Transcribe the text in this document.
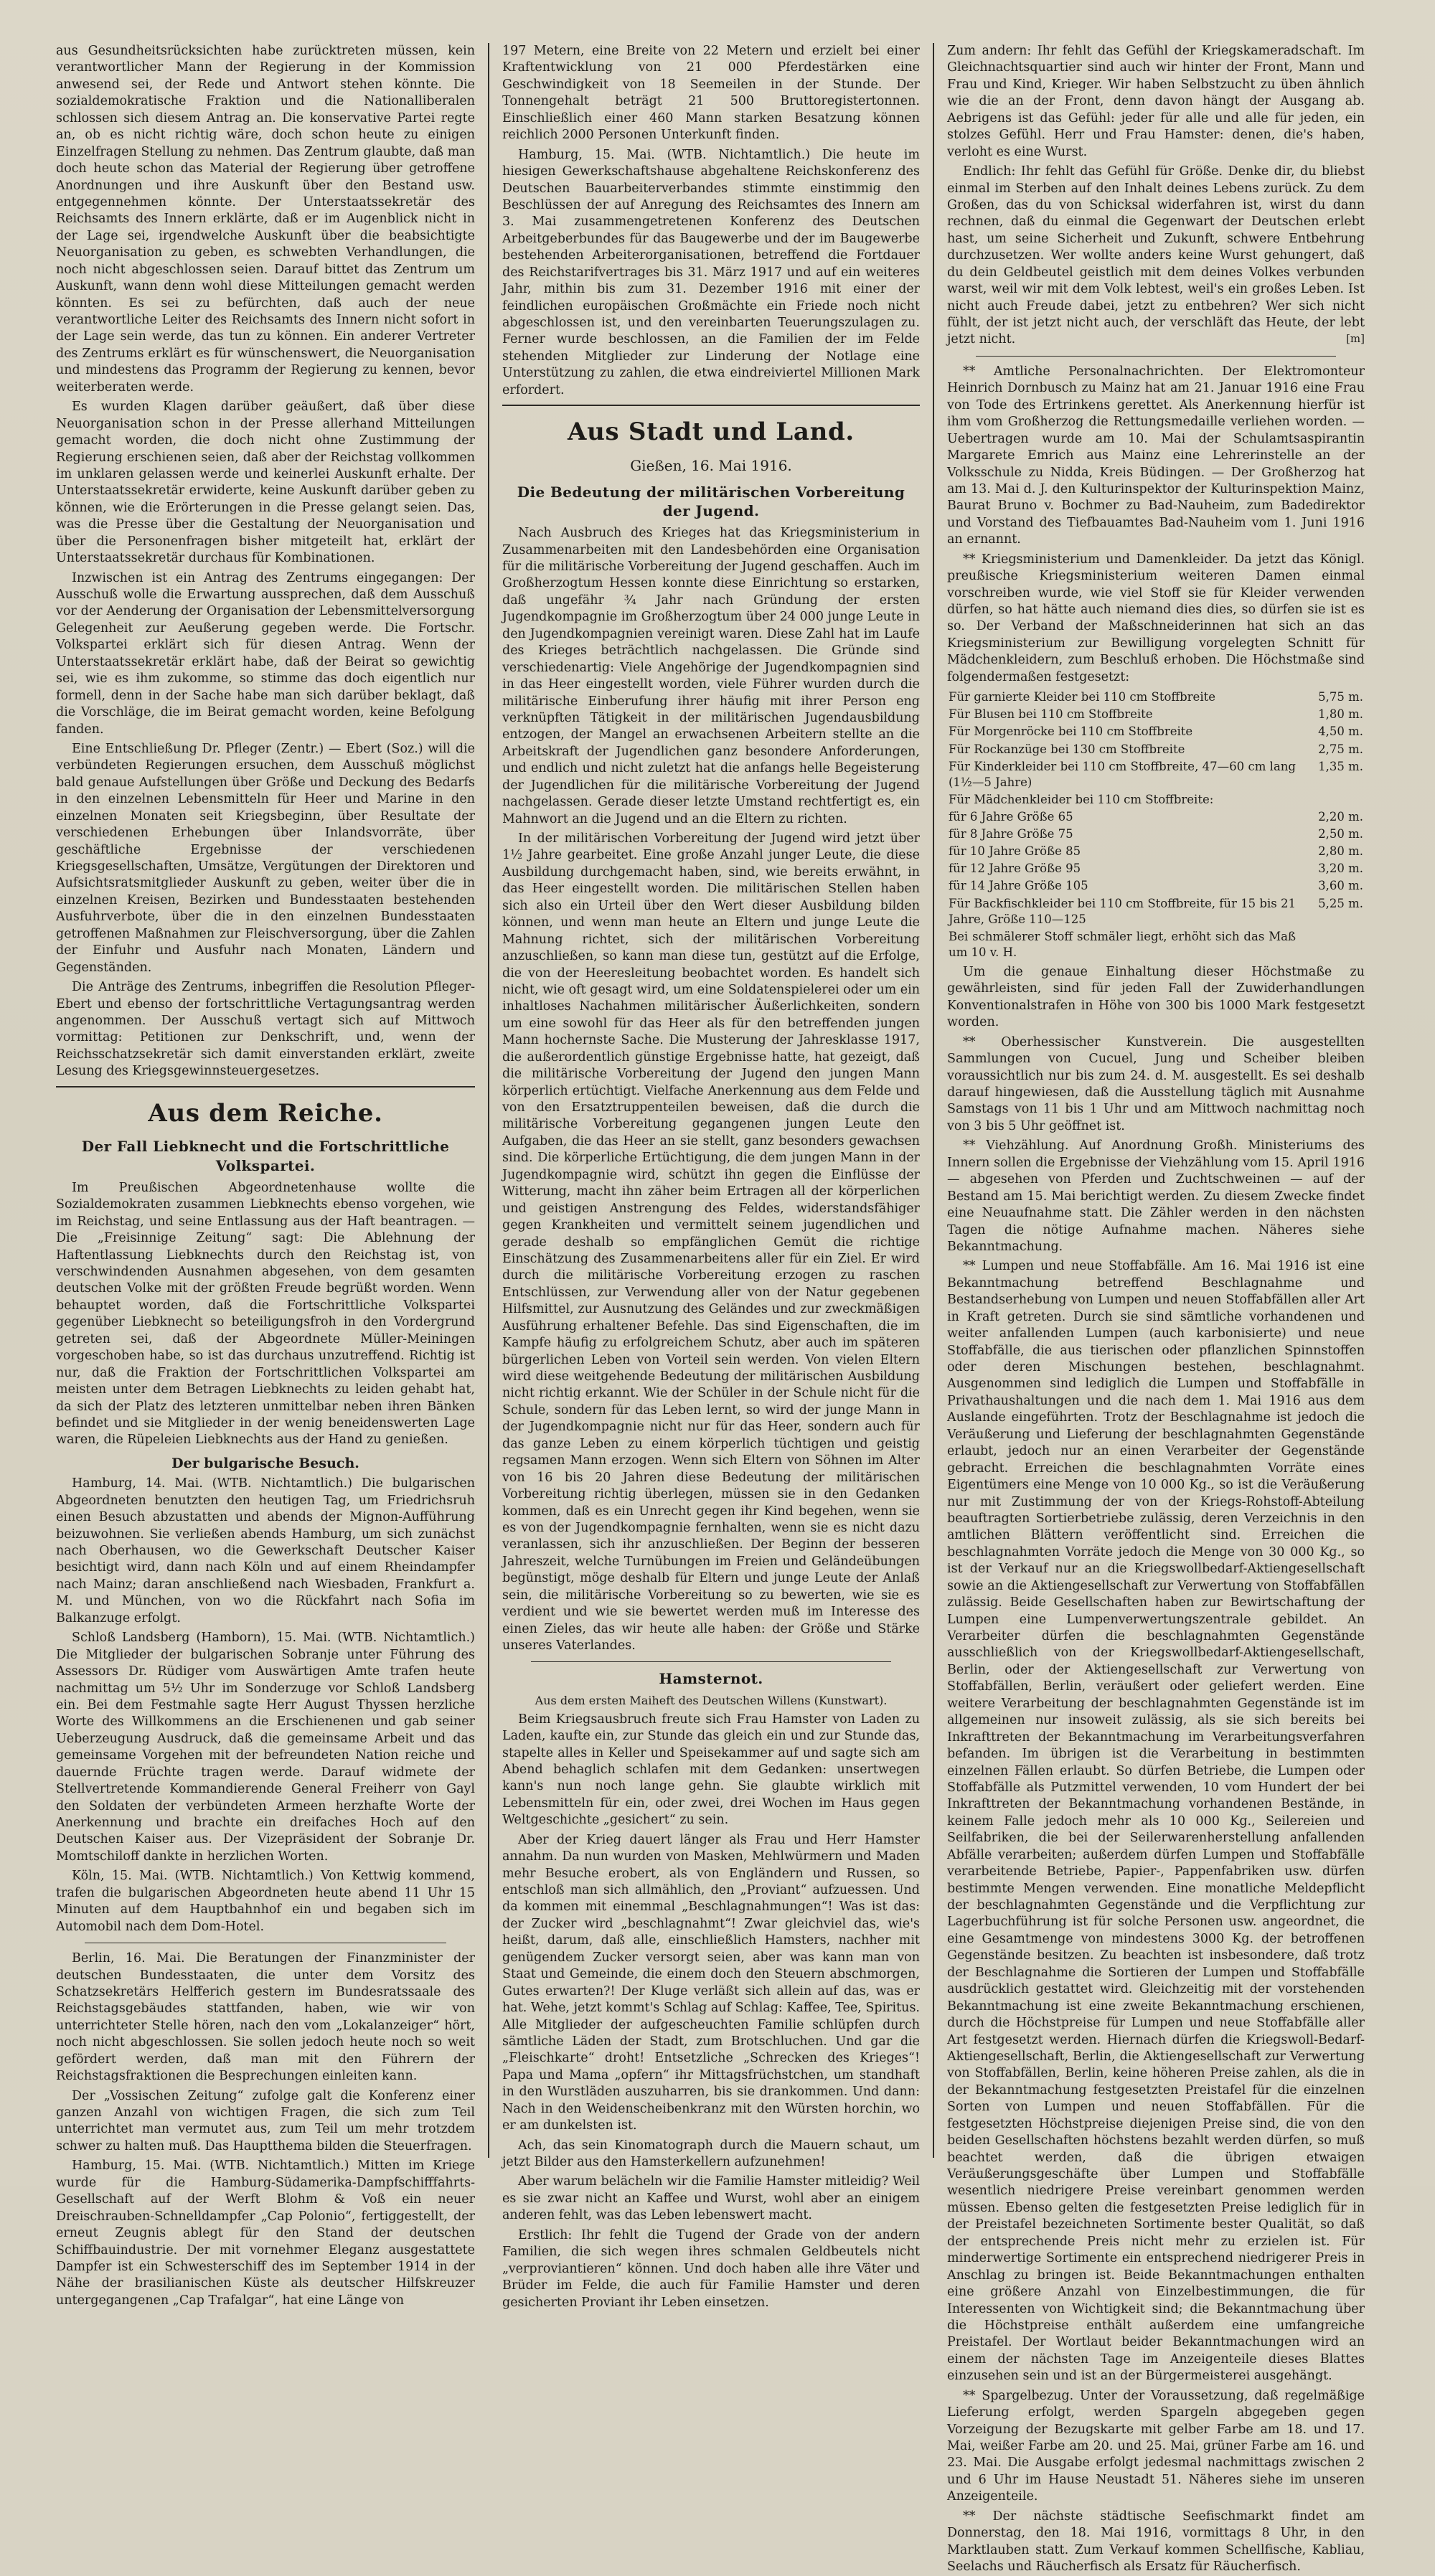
aus Gesundheitsrücksichten habe zurücktreten müssen, kein verantwortlicher Mann der Regierung in der Kommission anwesend sei, der Rede und Antwort stehen könnte. Die sozialdemokratische Fraktion und die Nationalliberalen schlossen sich diesem Antrag an. Die konservative Partei regte an, ob es nicht richtig wäre, doch schon heute zu einigen Einzelfragen Stellung zu nehmen. Das Zentrum glaubte, daß man doch heute schon das Material der Regierung über getroffene Anordnungen und ihre Auskunft über den Bestand usw. entgegennehmen könnte. Der Unterstaatssekretär des Reichsamts des Innern erklärte, daß er im Augenblick nicht in der Lage sei, irgendwelche Auskunft über die beabsichtigte Neuorganisation zu geben, es schwebten Verhandlungen, die noch nicht abgeschlossen seien. Darauf bittet das Zentrum um Auskunft, wann denn wohl diese Mitteilungen gemacht werden könnten. Es sei zu befürchten, daß auch der neue verantwortliche Leiter des Reichsamts des Innern nicht sofort in der Lage sein werde, das tun zu können. Ein anderer Vertreter des Zentrums erklärt es für wünschenswert, die Neuorganisation und mindestens das Programm der Regierung zu kennen, bevor weiterberaten werde.

Es wurden Klagen darüber geäußert, daß über diese Neuorganisation schon in der Presse allerhand Mitteilungen gemacht worden, die doch nicht ohne Zustimmung der Regierung erschienen seien, daß aber der Reichstag vollkommen im unklaren gelassen werde und keinerlei Auskunft erhalte. Der Unterstaatssekretär erwiderte, keine Auskunft darüber geben zu können, wie die Erörterungen in die Presse gelangt seien. Das, was die Presse über die Gestaltung der Neuorganisation und über die Personenfragen bisher mitgeteilt hat, erklärt der Unterstaatssekretär durchaus für Kombinationen.

Inzwischen ist ein Antrag des Zentrums eingegangen: Der Ausschuß wolle die Erwartung aussprechen, daß dem Ausschuß vor der Aenderung der Organisation der Lebensmittelversorgung Gelegenheit zur Aeußerung gegeben werde. Die Fortschr. Volkspartei erklärt sich für diesen Antrag. Wenn der Unterstaatssekretär erklärt habe, daß der Beirat so gewichtig sei, wie es ihm zukomme, so stimme das doch eigentlich nur formell, denn in der Sache habe man sich darüber beklagt, daß die Vorschläge, die im Beirat gemacht worden, keine Befolgung fanden.

Eine Entschließung Dr. Pfleger (Zentr.) — Ebert (Soz.) will die verbündeten Regierungen ersuchen, dem Ausschuß möglichst bald genaue Aufstellungen über Größe und Deckung des Bedarfs in den einzelnen Lebensmitteln für Heer und Marine in den einzelnen Monaten seit Kriegsbeginn, über Resultate der verschiedenen Erhebungen über Inlandsvorräte, über geschäftliche Ergebnisse der verschiedenen Kriegsgesellschaften, Umsätze, Vergütungen der Direktoren und Aufsichtsratsmitglieder Auskunft zu geben, weiter über die in einzelnen Kreisen, Bezirken und Bundesstaaten bestehenden Ausfuhrverbote, über die in den einzelnen Bundesstaaten getroffenen Maßnahmen zur Fleischversorgung, über die Zahlen der Einfuhr und Ausfuhr nach Monaten, Ländern und Gegenständen.

Die Anträge des Zentrums, inbegriffen die Resolution Pfleger-Ebert und ebenso der fortschrittliche Vertagungsantrag werden angenommen. Der Ausschuß vertagt sich auf Mittwoch vormittag: Petitionen zur Denkschrift, und, wenn der Reichsschatzsekretär sich damit einverstanden erklärt, zweite Lesung des Kriegsgewinnsteuergesetzes.

Aus dem Reiche.
Der Fall Liebknecht und die Fortschrittliche Volkspartei.

Im Preußischen Abgeordnetenhause wollte die Sozialdemokraten zusammen Liebknechts ebenso vorgehen, wie im Reichstag, und seine Entlassung aus der Haft beantragen. — Die „Freisinnige Zeitung“ sagt: Die Ablehnung der Haftentlassung Liebknechts durch den Reichstag ist, von verschwindenden Ausnahmen abgesehen, von dem gesamten deutschen Volke mit der größten Freude begrüßt worden. Wenn behauptet worden, daß die Fortschrittliche Volkspartei gegenüber Liebknecht so beteiligungsfroh in den Vordergrund getreten sei, daß der Abgeordnete Müller-Meiningen vorgeschoben habe, so ist das durchaus unzutreffend. Richtig ist nur, daß die Fraktion der Fortschrittlichen Volkspartei am meisten unter dem Betragen Liebknechts zu leiden gehabt hat, da sich der Platz des letzteren unmittelbar neben ihren Bänken befindet und sie Mitglieder in der wenig beneidenswerten Lage waren, die Rüpeleien Liebknechts aus der Hand zu genießen.

Der bulgarische Besuch.

Hamburg, 14. Mai. (WTB. Nichtamtlich.) Die bulgarischen Abgeordneten benutzten den heutigen Tag, um Friedrichsruh einen Besuch abzustatten und abends der Mignon-Aufführung beizuwohnen. Sie verließen abends Hamburg, um sich zunächst nach Oberhausen, wo die Gewerkschaft Deutscher Kaiser besichtigt wird, dann nach Köln und auf einem Rheindampfer nach Mainz; daran anschließend nach Wiesbaden, Frankfurt a. M. und München, von wo die Rückfahrt nach Sofia im Balkanzuge erfolgt.

Schloß Landsberg (Hamborn), 15. Mai. (WTB. Nichtamtlich.) Die Mitglieder der bulgarischen Sobranje unter Führung des Assessors Dr. Rüdiger vom Auswärtigen Amte trafen heute nachmittag um 5½ Uhr im Sonderzuge vor Schloß Landsberg ein. Bei dem Festmahle sagte Herr August Thyssen herzliche Worte des Willkommens an die Erschienenen und gab seiner Ueberzeugung Ausdruck, daß die gemeinsame Arbeit und das gemeinsame Vorgehen mit der befreundeten Nation reiche und dauernde Früchte tragen werde. Darauf widmete der Stellvertretende Kommandierende General Freiherr von Gayl den Soldaten der verbündeten Armeen herzhafte Worte der Anerkennung und brachte ein dreifaches Hoch auf den Deutschen Kaiser aus. Der Vizepräsident der Sobranje Dr. Momtschiloff dankte in herzlichen Worten.

Köln, 15. Mai. (WTB. Nichtamtlich.) Von Kettwig kommend, trafen die bulgarischen Abgeordneten heute abend 11 Uhr 15 Minuten auf dem Hauptbahnhof ein und begaben sich im Automobil nach dem Dom-Hotel.

Berlin, 16. Mai. Die Beratungen der Finanzminister der deutschen Bundesstaaten, die unter dem Vorsitz des Schatzsekretärs Helfferich gestern im Bundesratssaale des Reichstagsgebäudes stattfanden, haben, wie wir von unterrichteter Stelle hören, nach den vom „Lokalanzeiger“ hört, noch nicht abgeschlossen. Sie sollen jedoch heute noch so weit gefördert werden, daß man mit den Führern der Reichstagsfraktionen die Besprechungen einleiten kann.

Der „Vossischen Zeitung“ zufolge galt die Konferenz einer ganzen Anzahl von wichtigen Fragen, die sich zum Teil unterrichtet man vermutet aus, zum Teil um mehr trotzdem schwer zu halten muß. Das Hauptthema bilden die Steuerfragen.

Hamburg, 15. Mai. (WTB. Nichtamtlich.) Mitten im Kriege wurde für die Hamburg-Südamerika-Dampfschifffahrts-Gesellschaft auf der Werft Blohm & Voß ein neuer Dreischrauben-Schnelldampfer „Cap Polonio“, fertiggestellt, der erneut Zeugnis ablegt für den Stand der deutschen Schiffbauindustrie. Der mit vornehmer Eleganz ausgestattete Dampfer ist ein Schwesterschiff des im September 1914 in der Nähe der brasilianischen Küste als deutscher Hilfskreuzer untergegangenen „Cap Trafalgar“, hat eine Länge von

197 Metern, eine Breite von 22 Metern und erzielt bei einer Kraftentwicklung von 21 000 Pferdestärken eine Geschwindigkeit von 18 Seemeilen in der Stunde. Der Tonnengehalt beträgt 21 500 Bruttoregistertonnen. Einschließlich einer 460 Mann starken Besatzung können reichlich 2000 Personen Unterkunft finden.

Hamburg, 15. Mai. (WTB. Nichtamtlich.) Die heute im hiesigen Gewerkschaftshause abgehaltene Reichskonferenz des Deutschen Bauarbeiterverbandes stimmte einstimmig den Beschlüssen der auf Anregung des Reichsamtes des Innern am 3. Mai zusammengetretenen Konferenz des Deutschen Arbeitgeberbundes für das Baugewerbe und der im Baugewerbe bestehenden Arbeiterorganisationen, betreffend die Fortdauer des Reichstarifvertrages bis 31. März 1917 und auf ein weiteres Jahr, mithin bis zum 31. Dezember 1916 mit einer der feindlichen europäischen Großmächte ein Friede noch nicht abgeschlossen ist, und den vereinbarten Teuerungszulagen zu. Ferner wurde beschlossen, an die Familien der im Felde stehenden Mitglieder zur Linderung der Notlage eine Unterstützung zu zahlen, die etwa eindreiviertel Millionen Mark erfordert.

Aus Stadt und Land.
Gießen, 16. Mai 1916.
Die Bedeutung der militärischen Vorbereitung der Jugend.

Nach Ausbruch des Krieges hat das Kriegsministerium in Zusammenarbeiten mit den Landesbehörden eine Organisation für die militärische Vorbereitung der Jugend geschaffen. Auch im Großherzogtum Hessen konnte diese Einrichtung so erstarken, daß ungefähr ¾ Jahr nach Gründung der ersten Jugendkompagnie im Großherzogtum über 24 000 junge Leute in den Jugendkompagnien vereinigt waren. Diese Zahl hat im Laufe des Krieges beträchtlich nachgelassen. Die Gründe sind verschiedenartig: Viele Angehörige der Jugendkompagnien sind in das Heer eingestellt worden, viele Führer wurden durch die militärische Einberufung ihrer häufig mit ihrer Person eng verknüpften Tätigkeit in der militärischen Jugendausbildung entzogen, der Mangel an erwachsenen Arbeitern stellte an die Arbeitskraft der Jugendlichen ganz besondere Anforderungen, und endlich und nicht zuletzt hat die anfangs helle Begeisterung der Jugendlichen für die militärische Vorbereitung der Jugend nachgelassen. Gerade dieser letzte Umstand rechtfertigt es, ein Mahnwort an die Jugend und an die Eltern zu richten.

In der militärischen Vorbereitung der Jugend wird jetzt über 1½ Jahre gearbeitet. Eine große Anzahl junger Leute, die diese Ausbildung durchgemacht haben, sind, wie bereits erwähnt, in das Heer eingestellt worden. Die militärischen Stellen haben sich also ein Urteil über den Wert dieser Ausbildung bilden können, und wenn man heute an Eltern und junge Leute die Mahnung richtet, sich der militärischen Vorbereitung anzuschließen, so kann man diese tun, gestützt auf die Erfolge, die von der Heeresleitung beobachtet worden. Es handelt sich nicht, wie oft gesagt wird, um eine Soldatenspielerei oder um ein inhaltloses Nachahmen militärischer Äußerlichkeiten, sondern um eine sowohl für das Heer als für den betreffenden jungen Mann hochernste Sache. Die Musterung der Jahresklasse 1917, die außerordentlich günstige Ergebnisse hatte, hat gezeigt, daß die militärische Vorbereitung der Jugend den jungen Mann körperlich ertüchtigt. Vielfache Anerkennung aus dem Felde und von den Ersatztruppenteilen beweisen, daß die durch die militärische Vorbereitung gegangenen jungen Leute den Aufgaben, die das Heer an sie stellt, ganz besonders gewachsen sind. Die körperliche Ertüchtigung, die dem jungen Mann in der Jugendkompagnie wird, schützt ihn gegen die Einflüsse der Witterung, macht ihn zäher beim Ertragen all der körperlichen und geistigen Anstrengung des Feldes, widerstandsfähiger gegen Krankheiten und vermittelt seinem jugendlichen und gerade deshalb so empfänglichen Gemüt die richtige Einschätzung des Zusammenarbeitens aller für ein Ziel. Er wird durch die militärische Vorbereitung erzogen zu raschen Entschlüssen, zur Verwendung aller von der Natur gegebenen Hilfsmittel, zur Ausnutzung des Geländes und zur zweckmäßigen Ausführung erhaltener Befehle. Das sind Eigenschaften, die im Kampfe häufig zu erfolgreichem Schutz, aber auch im späteren bürgerlichen Leben von Vorteil sein werden. Von vielen Eltern wird diese weitgehende Bedeutung der militärischen Ausbildung nicht richtig erkannt. Wie der Schüler in der Schule nicht für die Schule, sondern für das Leben lernt, so wird der junge Mann in der Jugendkompagnie nicht nur für das Heer, sondern auch für das ganze Leben zu einem körperlich tüchtigen und geistig regsamen Mann erzogen. Wenn sich Eltern von Söhnen im Alter von 16 bis 20 Jahren diese Bedeutung der militärischen Vorbereitung richtig überlegen, müssen sie in den Gedanken kommen, daß es ein Unrecht gegen ihr Kind begehen, wenn sie es von der Jugendkompagnie fernhalten, wenn sie es nicht dazu veranlassen, sich ihr anzuschließen. Der Beginn der besseren Jahreszeit, welche Turnübungen im Freien und Geländeübungen begünstigt, möge deshalb für Eltern und junge Leute der Anlaß sein, die militärische Vorbereitung so zu bewerten, wie sie es verdient und wie sie bewertet werden muß im Interesse des einen Zieles, das wir heute alle haben: der Größe und Stärke unseres Vaterlandes.

Hamsternot.
Aus dem ersten Maiheft des Deutschen Willens (Kunstwart).

Beim Kriegsausbruch freute sich Frau Hamster von Laden zu Laden, kaufte ein, zur Stunde das gleich ein und zur Stunde das, stapelte alles in Keller und Speisekammer auf und sagte sich am Abend behaglich schlafen mit dem Gedanken: unsertwegen kann's nun noch lange gehn. Sie glaubte wirklich mit Lebensmitteln für ein, oder zwei, drei Wochen im Haus gegen Weltgeschichte „gesichert“ zu sein.

Aber der Krieg dauert länger als Frau und Herr Hamster annahm. Da nun wurden von Masken, Mehlwürmern und Maden mehr Besuche erobert, als von Engländern und Russen, so entschloß man sich allmählich, den „Proviant“ aufzuessen. Und da kommen mit einemmal „Beschlagnahmungen“! Was ist das: der Zucker wird „beschlagnahmt“! Zwar gleichviel das, wie's heißt, darum, daß alle, einschließlich Hamsters, nachher mit genügendem Zucker versorgt seien, aber was kann man von Staat und Gemeinde, die einem doch den Steuern abschmorgen, Gutes erwarten?! Der Kluge verläßt sich allein auf das, was er hat. Wehe, jetzt kommt's Schlag auf Schlag: Kaffee, Tee, Spiritus. Alle Mitglieder der aufgescheuchten Familie schlüpfen durch sämtliche Läden der Stadt, zum Brotschluchen. Und gar die „Fleischkarte“ droht! Entsetzliche „Schrecken des Krieges“! Papa und Mama „opfern“ ihr Mittagsfrüchstchen, um standhaft in den Wurstläden auszuharren, bis sie drankommen. Und dann: Nach in den Weidenscheibenkranz mit den Würsten horchin, wo er am dunkelsten ist.

Ach, das sein Kinomatograph durch die Mauern schaut, um jetzt Bilder aus den Hamsterkellern aufzunehmen!

Aber warum belächeln wir die Familie Hamster mitleidig? Weil es sie zwar nicht an Kaffee und Wurst, wohl aber an einigem anderen fehlt, was das Leben lebenswert macht.

Erstlich: Ihr fehlt die Tugend der Grade von der andern Familien, die sich wegen ihres schmalen Geldbeutels nicht „verproviantieren“ können. Und doch haben alle ihre Väter und Brüder im Felde, die auch für Familie Hamster und deren gesicherten Proviant ihr Leben einsetzen.

Zum andern: Ihr fehlt das Gefühl der Kriegskameradschaft. Im Gleichnachtsquartier sind auch wir hinter der Front, Mann und Frau und Kind, Krieger. Wir haben Selbstzucht zu üben ähnlich wie die an der Front, denn davon hängt der Ausgang ab. Aebrigens ist das Gefühl: jeder für alle und alle für jeden, ein stolzes Gefühl. Herr und Frau Hamster: denen, die's haben, verloht es eine Wurst.

Endlich: Ihr fehlt das Gefühl für Größe. Denke dir, du bliebst einmal im Sterben auf den Inhalt deines Lebens zurück. Zu dem Großen, das du von Schicksal widerfahren ist, wirst du dann rechnen, daß du einmal die Gegenwart der Deutschen erlebt hast, um seine Sicherheit und Zukunft, schwere Entbehrung durchzusetzen. Wer wollte anders keine Wurst gehungert, daß du dein Geldbeutel geistlich mit dem deines Volkes verbunden warst, weil wir mit dem Volk lebtest, weil's ein großes Leben. Ist nicht auch Freude dabei, jetzt zu entbehren? Wer sich nicht fühlt, der ist jetzt nicht auch, der verschläft das Heute, der lebt jetzt nicht.	[m]

** Amtliche Personalnachrichten. Der Elektromonteur Heinrich Dornbusch zu Mainz hat am 21. Januar 1916 eine Frau von Tode des Ertrinkens gerettet. Als Anerkennung hierfür ist ihm vom Großherzog die Rettungsmedaille verliehen worden. — Uebertragen wurde am 10. Mai der Schulamtsaspirantin Margarete Emrich aus Mainz eine Lehrerinstelle an der Volksschule zu Nidda, Kreis Büdingen. — Der Großherzog hat am 13. Mai d. J. den Kulturinspektor der Kulturinspektion Mainz, Baurat Bruno v. Bochmer zu Bad-Nauheim, zum Badedirektor und Vorstand des Tiefbauamtes Bad-Nauheim vom 1. Juni 1916 an ernannt.

** Kriegsministerium und Damenkleider. Da jetzt das Königl. preußische Kriegsministerium weiteren Damen einmal vorschreiben wurde, wie viel Stoff sie für Kleider verwenden dürfen, so hat hätte auch niemand dies dies, so dürfen sie ist es so. Der Verband der Maßschneiderinnen hat sich an das Kriegsministerium zur Bewilligung vorgelegten Schnitt für Mädchenkleidern, zum Beschluß erhoben. Die Höchstmaße sind folgendermaßen festgesetzt:

Für garnierte Kleider bei 110 cm Stoffbreite	5,75 m.
Für Blusen bei 110 cm Stoffbreite	1,80 m.
Für Morgenröcke bei 110 cm Stoffbreite	4,50 m.
Für Rockanzüge bei 130 cm Stoffbreite	2,75 m.
Für Kinderkleider bei 110 cm Stoffbreite, 47—60 cm lang (1½—5 Jahre)	1,35 m.
Für Mädchenkleider bei 110 cm Stoffbreite:	
für 6 Jahre Größe 65	2,20 m.
für 8 Jahre Größe 75	2,50 m.
für 10 Jahre Größe 85	2,80 m.
für 12 Jahre Größe 95	3,20 m.
für 14 Jahre Größe 105	3,60 m.
Für Backfischkleider bei 110 cm Stoffbreite, für 15 bis 21 Jahre, Größe 110—125	5,25 m.
Bei schmälerer Stoff schmäler liegt, erhöht sich das Maß um 10 v. H.	

Um die genaue Einhaltung dieser Höchstmaße zu gewährleisten, sind für jeden Fall der Zuwiderhandlungen Konventionalstrafen in Höhe von 300 bis 1000 Mark festgesetzt worden.

** Oberhessischer Kunstverein. Die ausgestellten Sammlungen von Cucuel, Jung und Scheiber bleiben voraussichtlich nur bis zum 24. d. M. ausgestellt. Es sei deshalb darauf hingewiesen, daß die Ausstellung täglich mit Ausnahme Samstags von 11 bis 1 Uhr und am Mittwoch nachmittag noch von 3 bis 5 Uhr geöffnet ist.

** Viehzählung. Auf Anordnung Großh. Ministeriums des Innern sollen die Ergebnisse der Viehzählung vom 15. April 1916 — abgesehen von Pferden und Zuchtschweinen — auf der Bestand am 15. Mai berichtigt werden. Zu diesem Zwecke findet eine Neuaufnahme statt. Die Zähler werden in den nächsten Tagen die nötige Aufnahme machen. Näheres siehe Bekanntmachung.

** Lumpen und neue Stoffabfälle. Am 16. Mai 1916 ist eine Bekanntmachung betreffend Beschlagnahme und Bestandserhebung von Lumpen und neuen Stoffabfällen aller Art in Kraft getreten. Durch sie sind sämtliche vorhandenen und weiter anfallenden Lumpen (auch karbonisierte) und neue Stoffabfälle, die aus tierischen oder pflanzlichen Spinnstoffen oder deren Mischungen bestehen, beschlagnahmt. Ausgenommen sind lediglich die Lumpen und Stoffabfälle in Privathaushaltungen und die nach dem 1. Mai 1916 aus dem Auslande eingeführten. Trotz der Beschlagnahme ist jedoch die Veräußerung und Lieferung der beschlagnahmten Gegenstände erlaubt, jedoch nur an einen Verarbeiter der Gegenstände gebracht. Erreichen die beschlagnahmten Vorräte eines Eigentümers eine Menge von 10 000 Kg., so ist die Veräußerung nur mit Zustimmung der von der Kriegs-Rohstoff-Abteilung beauftragten Sortierbetriebe zulässig, deren Verzeichnis in den amtlichen Blättern veröffentlicht sind. Erreichen die beschlagnahmten Vorräte jedoch die Menge von 30 000 Kg., so ist der Verkauf nur an die Kriegswollbedarf-Aktiengesellschaft sowie an die Aktiengesellschaft zur Verwertung von Stoffabfällen zulässig. Beide Gesellschaften haben zur Bewirtschaftung der Lumpen eine Lumpenverwertungszentrale gebildet. An Verarbeiter dürfen die beschlagnahmten Gegenstände ausschließlich von der Kriegswollbedarf-Aktiengesellschaft, Berlin, oder der Aktiengesellschaft zur Verwertung von Stoffabfällen, Berlin, veräußert oder geliefert werden. Eine weitere Verarbeitung der beschlagnahmten Gegenstände ist im allgemeinen nur insoweit zulässig, als sie sich bereits bei Inkrafttreten der Bekanntmachung im Verarbeitungsverfahren befanden. Im übrigen ist die Verarbeitung in bestimmten einzelnen Fällen erlaubt. So dürfen Betriebe, die Lumpen oder Stoffabfälle als Putzmittel verwenden, 10 vom Hundert der bei Inkrafttreten der Bekanntmachung vorhandenen Bestände, in keinem Falle jedoch mehr als 10 000 Kg., Seilereien und Seilfabriken, die bei der Seilerwarenherstellung anfallenden Abfälle verarbeiten; außerdem dürfen Lumpen und Stoffabfälle verarbeitende Betriebe, Papier-, Pappenfabriken usw. dürfen bestimmte Mengen verwenden. Eine monatliche Meldepflicht der beschlagnahmten Gegenstände und die Verpflichtung zur Lagerbuchführung ist für solche Personen usw. angeordnet, die eine Gesamtmenge von mindestens 3000 Kg. der betroffenen Gegenstände besitzen. Zu beachten ist insbesondere, daß trotz der Beschlagnahme die Sortieren der Lumpen und Stoffabfälle ausdrücklich gestattet wird. Gleichzeitig mit der vorstehenden Bekanntmachung ist eine zweite Bekanntmachung erschienen, durch die Höchstpreise für Lumpen und neue Stoffabfälle aller Art festgesetzt werden. Hiernach dürfen die Kriegswoll-Bedarf-Aktiengesellschaft, Berlin, die Aktiengesellschaft zur Verwertung von Stoffabfällen, Berlin, keine höheren Preise zahlen, als die in der Bekanntmachung festgesetzten Preistafel für die einzelnen Sorten von Lumpen und neuen Stoffabfällen. Für die festgesetzten Höchstpreise diejenigen Preise sind, die von den beiden Gesellschaften höchstens bezahlt werden dürfen, so muß beachtet werden, daß die übrigen etwaigen Veräußerungsgeschäfte über Lumpen und Stoffabfälle wesentlich niedrigere Preise vereinbart genommen werden müssen. Ebenso gelten die festgesetzten Preise lediglich für in der Preistafel bezeichneten Sortimente bester Qualität, so daß der entsprechende Preis nicht mehr zu erzielen ist. Für minderwertige Sortimente ein entsprechend niedrigerer Preis in Anschlag zu bringen ist. Beide Bekanntmachungen enthalten eine größere Anzahl von Einzelbestimmungen, die für Interessenten von Wichtigkeit sind; die Bekanntmachung über die Höchstpreise enthält außerdem eine umfangreiche Preistafel. Der Wortlaut beider Bekanntmachungen wird an einem der nächsten Tage im Anzeigenteile dieses Blattes einzusehen sein und ist an der Bürgermeisterei ausgehängt.

** Spargelbezug. Unter der Voraussetzung, daß regelmäßige Lieferung erfolgt, werden Spargeln abgegeben gegen Vorzeigung der Bezugskarte mit gelber Farbe am 18. und 17. Mai, weißer Farbe am 20. und 25. Mai, grüner Farbe am 16. und 23. Mai. Die Ausgabe erfolgt jedesmal nachmittags zwischen 2 und 6 Uhr im Hause Neustadt 51. Näheres siehe im unseren Anzeigenteile.

** Der nächste städtische Seefischmarkt findet am Donnerstag, den 18. Mai 1916, vormittags 8 Uhr, in den Marktlauben statt. Zum Verkauf kommen Schellfische, Kabliau, Seelachs und Räucherfisch als Ersatz für Räucherfisch.
